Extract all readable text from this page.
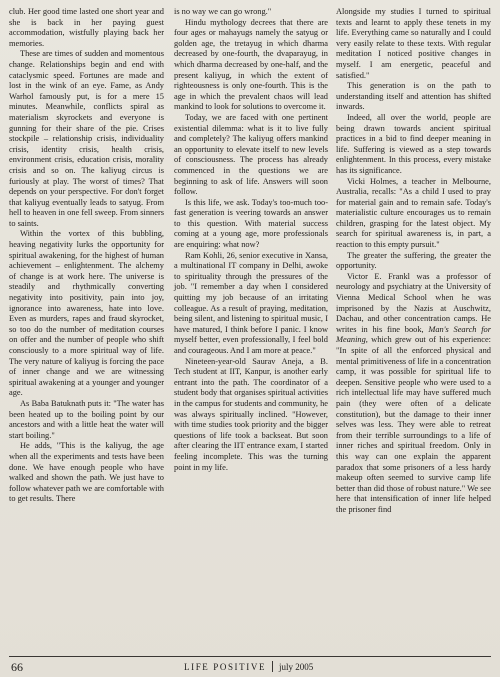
club. Her good time lasted one short year and she is back in her paying guest accommodation, wistfully playing back her memories.

These are times of sudden and momentous change. Relationships begin and end with cataclysmic speed. Fortunes are made and lost in the wink of an eye. Fame, as Andy Warhol famously put, is for a mere 15 minutes. Meanwhile, conflicts spiral as materialism skyrockets and everyone is gunning for their share of the pie. Crises stockpile – relationship crisis, individuality crisis, identity crisis, health crisis, environment crisis, education crisis, morality crisis and so on. The kaliyug circus is furiously at play. The worst of times? That depends on your perspective. For don't forget that kaliyug eventually leads to satyug. From hell to heaven in one fell sweep. From sinners to saints.

Within the vortex of this bubbling, heaving negativity lurks the opportunity for spiritual awakening, for the highest of human achievement – enlightenment. The alchemy of change is at work here. The universe is steadily and rhythmically converting negativity into positivity, pain into joy, ignorance into awareness, hate into love. Even as murders, rapes and fraud skyrocket, so too do the number of meditation courses on offer and the number of people who shift consciously to a more spiritual way of life. The very nature of kaliyug is forcing the pace of inner change and we are witnessing spiritual awakening at a younger and younger age.

As Baba Batuknath puts it: "The water has been heated up to the boiling point by our ancestors and with a little heat the water will start boiling."

He adds, "This is the kaliyug, the age when all the experiments and tests have been done. We have enough people who have walked and shown the path. We just have to follow whatever path we are comfortable with to get results. There

is no way we can go wrong."

Hindu mythology decrees that there are four ages or mahayugs namely the satyug or golden age, the tretayug in which dharma decreased by one-fourth, the dvaparayug, in which dharma decreased by one-half, and the present kaliyug, in which the extent of righteousness is only one-fourth. This is the age in which the prevalent chaos will lead mankind to look for solutions to overcome it.

Today, we are faced with one pertinent existential dilemma: what is it to live fully and completely? The kaliyug offers mankind an opportunity to elevate itself to new levels of consciousness. The process has already commenced in the questions we are beginning to ask of life. Answers will soon follow.

Is this life, we ask. Today's too-much too-fast generation is veering towards an answer to this question. With material success coming at a young age, more professionals are enquiring: what now?

Ram Kohli, 26, senior executive in Xansa, a multinational IT company in Delhi, awoke to spirituality through the pressures of the job. "I remember a day when I considered quitting my job because of an irritating colleague. As a result of praying, meditation, being silent, and listening to spiritual music, I have matured, I think before I panic. I know myself better, even professionally, I feel bold and courageous. And I am more at peace."

Nineteen-year-old Saurav Aneja, a B. Tech student at IIT, Kanpur, is another early entrant into the path. The coordinator of a student body that organises spiritual activities in the campus for students and community, he was always spiritually inclined. "However, with time studies took priority and the bigger questions of life took a backseat. But soon after clearing the IIT entrance exam, I started feeling incomplete. This was the turning point in my life.

Alongside my studies I turned to spiritual texts and learnt to apply these tenets in my life. Everything came so naturally and I could very easily relate to these texts. With regular meditation I noticed positive changes in myself. I am energetic, peaceful and satisfied."

This generation is on the path to understanding itself and attention has shifted inwards.

Indeed, all over the world, people are being drawn towards ancient spiritual practices in a bid to find deeper meaning in life. Suffering is viewed as a step towards enlightenment. In this process, every mistake has its significance.

Vicki Holmes, a teacher in Melbourne, Australia, recalls: "As a child I used to pray for material gain and to remain safe. Today's materialistic culture encourages us to remain children, grasping for the latest object. My search for spiritual awareness is, in part, a reaction to this empty pursuit."

The greater the suffering, the greater the opportunity.

Victor E. Frankl was a professor of neurology and psychiatry at the University of Vienna Medical School when he was imprisoned by the Nazis at Auschwitz, Dachau, and other concentration camps. He writes in his fine book, Man's Search for Meaning, which grew out of his experience: "In spite of all the enforced physical and mental primitiveness of life in a concentration camp, it was possible for spiritual life to deepen. Sensitive people who were used to a rich intellectual life may have suffered much pain (they were often of a delicate constitution), but the damage to their inner selves was less. They were able to retreat from their terrible surroundings to a life of inner riches and spiritual freedom. Only in this way can one explain the apparent paradox that some prisoners of a less hardy makeup often seemed to survive camp life better than did those of robust nature." We see here that intensification of inner life helped the prisoner find

66	LIFE POSITIVE july 2005
